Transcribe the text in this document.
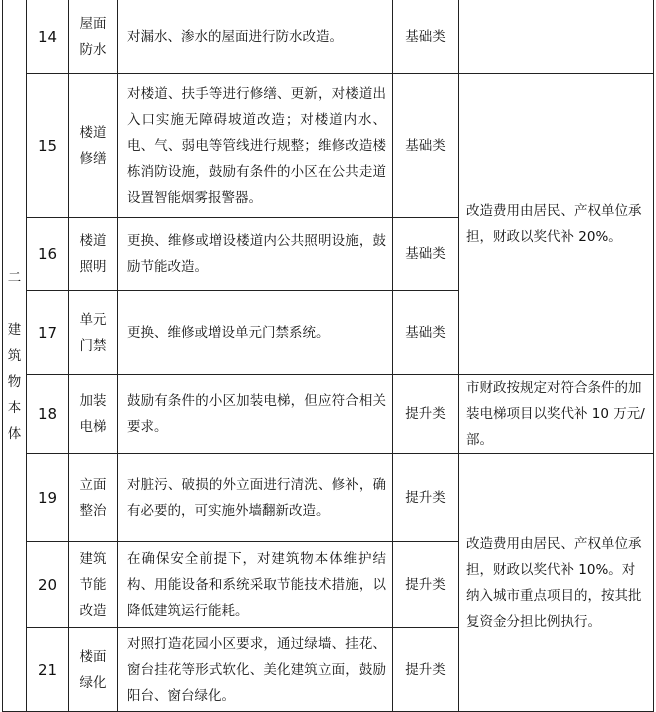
二

建筑物本体	14	屋面防水	对漏水、渗水的屋面进行防水改造。	基础类	
	15	楼道修缮	对楼道、扶手等进行修缮、更新，对楼道出入口实施无障碍坡道改造；对楼道内水、电、气、弱电等管线进行规整；维修改造楼栋消防设施，鼓励有条件的小区在公共走道设置智能烟雾报警器。	基础类	改造费用由居民、产权单位承担，财政以奖代补 20%。
	16	楼道照明	更换、维修或增设楼道内公共照明设施，鼓励节能改造。	基础类	
	17	单元门禁	更换、维修或增设单元门禁系统。	基础类	
	18	加装电梯	鼓励有条件的小区加装电梯，但应符合相关要求。	提升类	市财政按规定对符合条件的加装电梯项目以奖代补 10 万元/部。
	19	立面整治	对脏污、破损的外立面进行清洗、修补，确有必要的，可实施外墙翻新改造。	提升类	改造费用由居民、产权单位承担，财政以奖代补 10%。对纳入城市重点项目的，按其批复资金分担比例执行。
	20	建筑节能改造	在确保安全前提下，对建筑物本体维护结构、用能设备和系统采取节能技术措施，以降低建筑运行能耗。	提升类	
	21	楼面绿化	对照打造花园小区要求，通过绿墙、挂花、窗台挂花等形式软化、美化建筑立面，鼓励阳台、窗台绿化。	提升类	
